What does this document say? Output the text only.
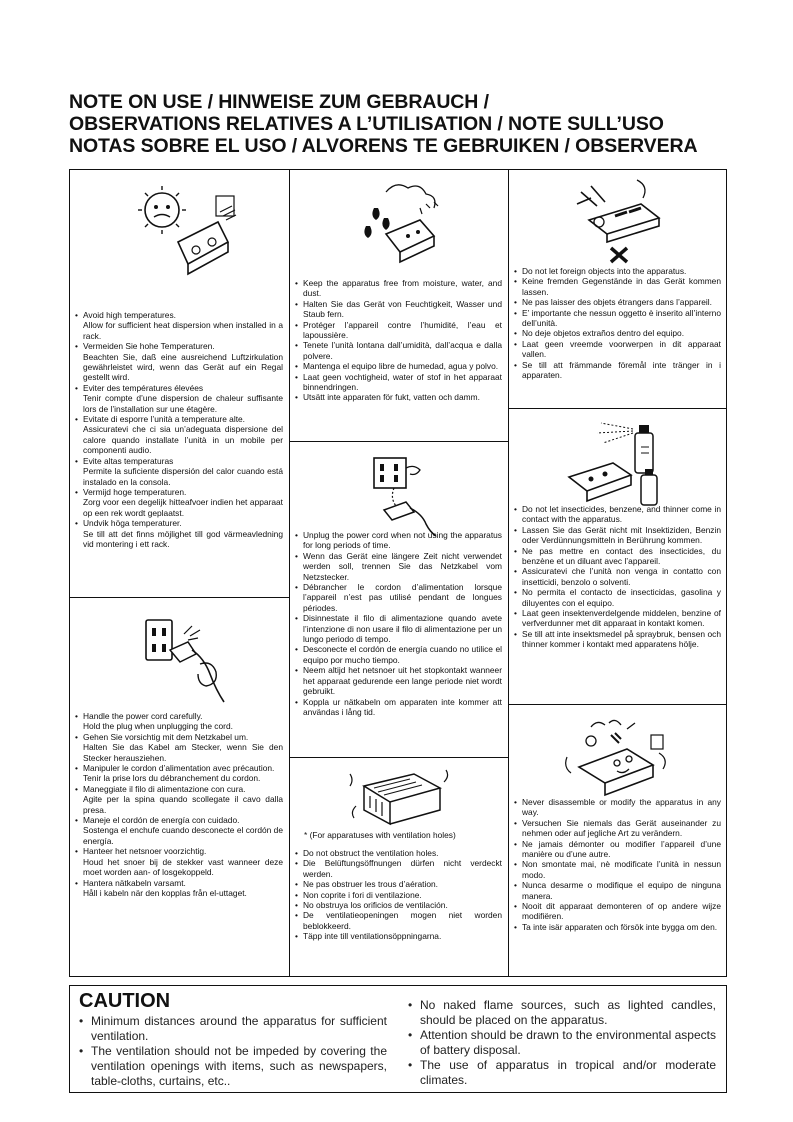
NOTE ON USE / HINWEISE ZUM GEBRAUCH /
OBSERVATIONS RELATIVES A L’UTILISATION / NOTE SULL’USO
NOTAS SOBRE EL USO / ALVORENS TE GEBRUIKEN / OBSERVERA
• Avoid high temperatures.
Allow for sufficient heat dispersion when installed in a rack.
• Vermeiden Sie hohe Temperaturen.
Beachten Sie, daß eine ausreichend Luftzirkulation gewährleistet wird, wenn das Gerät auf ein Regal gestellt wird.
• Eviter des températures élevées
Tenir compte d’une dispersion de chaleur suffisante lors de l’installation sur une étagère.
• Evitate di esporre l’unità a temperature alte.
Assicuratevi che ci sia un’adeguata dispersione del calore quando installate l’unità in un mobile per componenti audio.
• Evite altas temperaturas
Permite la suficiente dispersión del calor cuando está instalado en la consola.
• Vermijd hoge temperaturen.
Zorg voor een degelijk hitteafvoer indien het apparaat op een rek wordt geplaatst.
• Undvik höga temperaturer.
Se till att det finns möjlighet till god värmeavledning vid montering i ett rack.
• Handle the power cord carefully.
Hold the plug when unplugging the cord.
• Gehen Sie vorsichtig mit dem Netzkabel um.
Halten Sie das Kabel am Stecker, wenn Sie den Stecker herausziehen.
• Manipuler le cordon d’alimentation avec précaution.
Tenir la prise lors du débranchement du cordon.
• Maneggiate il filo di alimentazione con cura.
Agite per la spina quando scollegate il cavo dalla presa.
• Maneje el cordón de energía con cuidado.
Sostenga el enchufe cuando desconecte el cordón de energía.
• Hanteer het netsnoer voorzichtig.
Houd het snoer bij de stekker vast wanneer deze moet worden aan- of losgekoppeld.
• Hantera nätkabeln varsamt.
Håll i kabeln när den kopplas från el-uttaget.
• Keep the apparatus free from moisture, water, and dust.
• Halten Sie das Gerät von Feuchtigkeit, Wasser und Staub fern.
• Protéger l’appareil contre l’humidité, l’eau et lapoussière.
• Tenete l’unità lontana dall’umidità, dall’acqua e dalla polvere.
• Mantenga el equipo libre de humedad, agua y polvo.
• Laat geen vochtigheid, water of stof in het apparaat binnendringen.
• Utsätt inte apparaten för fukt, vatten och damm.
• Unplug the power cord when not using the apparatus for long periods of time.
• Wenn das Gerät eine längere Zeit nicht verwendet werden soll, trennen Sie das Netzkabel vom Netzstecker.
• Débrancher le cordon d’alimentation lorsque l’appareil n’est pas utilisé pendant de longues périodes.
• Disinnestate il filo di alimentazione quando avete l’intenzione di non usare il filo di alimentazione per un lungo periodo di tempo.
• Desconecte el cordón de energía cuando no utilice el equipo por mucho tiempo.
• Neem altijd het netsnoer uit het stopkontakt wanneer het apparaat gedurende een lange periode niet wordt gebruikt.
• Koppla ur nätkabeln om apparaten inte kommer att användas i lång tid.
* (For apparatuses with ventilation holes)
• Do not obstruct the ventilation holes.
• Die Belüftungsöffnungen dürfen nicht verdeckt werden.
• Ne pas obstruer les trous d’aération.
• Non coprite i fori di ventilazione.
• No obstruya los orificios de ventilación.
• De ventilatieopeningen mogen niet worden beblokkeerd.
• Täpp inte till ventilationsöppningarna.
• Do not let foreign objects into the apparatus.
• Keine fremden Gegenstände in das Gerät kommen lassen.
• Ne pas laisser des objets étrangers dans l’appareil.
• E’ importante che nessun oggetto è inserito all’interno dell’unità.
• No deje objetos extraños dentro del equipo.
• Laat geen vreemde voorwerpen in dit apparaat vallen.
• Se till att främmande föremål inte tränger in i apparaten.
• Do not let insecticides, benzene, and thinner come in contact with the apparatus.
• Lassen Sie das Gerät nicht mit Insektiziden, Benzin oder Verdünnungsmitteln in Berührung kommen.
• Ne pas mettre en contact des insecticides, du benzène et un diluant avec l’appareil.
• Assicuratevi che l’unità non venga in contatto con insetticidi, benzolo o solventi.
• No permita el contacto de insecticidas, gasolina y diluyentes con el equipo.
• Laat geen insektenverdelgende middelen, benzine of verfverdunner met dit apparaat in kontakt komen.
• Se till att inte insektsmedel på spraybruk, bensen och thinner kommer i kontakt med apparatens hölje.
• Never disassemble or modify the apparatus in any way.
• Versuchen Sie niemals das Gerät auseinander zu nehmen oder auf jegliche Art zu verändern.
• Ne jamais démonter ou modifier l’appareil d’une manière ou d’une autre.
• Non smontate mai, nè modificate l’unità in nessun modo.
• Nunca desarme o modifique el equipo de ninguna manera.
• Nooit dit apparaat demonteren of op andere wijze modifiëren.
• Ta inte isär apparaten och försök inte bygga om den.
CAUTION
• Minimum distances around the apparatus for sufficient ventilation.
• The ventilation should not be impeded by covering the ventilation openings with items, such as newspapers, table-cloths, curtains, etc..
• No naked flame sources, such as lighted candles, should be placed on the apparatus.
• Attention should be drawn to the environmental aspects of battery disposal.
• The use of apparatus in tropical and/or moderate climates.
